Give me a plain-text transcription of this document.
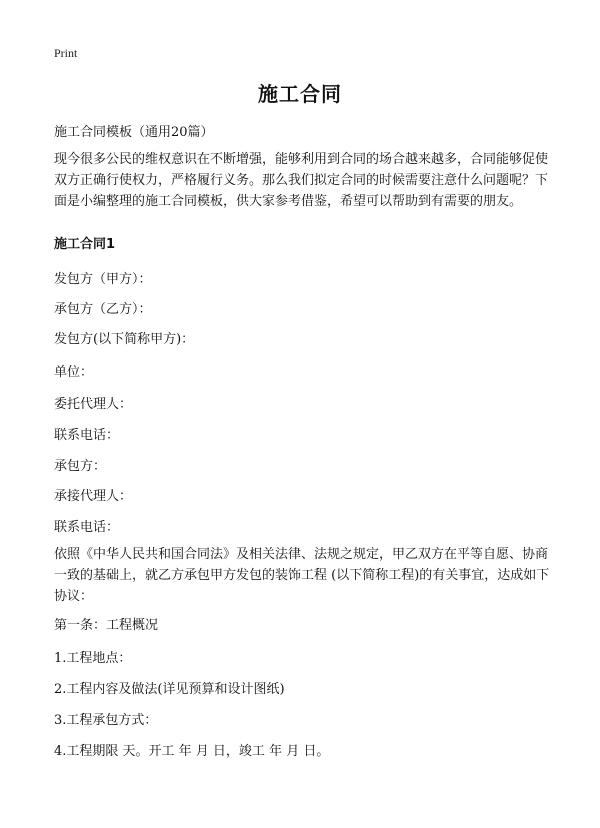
Print
施工合同
施工合同模板（通用20篇）

现今很多公民的维权意识在不断增强，能够利用到合同的场合越来越多，合同能够促使双方正确行使权力，严格履行义务。那么我们拟定合同的时候需要注意什么问题呢？下面是小编整理的施工合同模板，供大家参考借鉴，希望可以帮助到有需要的朋友。

施工合同1
发包方（甲方）：
承包方（乙方）：
发包方(以下简称甲方)：
单位：
委托代理人：
联系电话：
承包方：
承接代理人：
联系电话：

依照《中华人民共和国合同法》及相关法律、法规之规定，甲乙双方在平等自愿、协商一致的基础上，就乙方承包甲方发包的装饰工程 (以下简称工程)的有关事宜，达成如下协议：

第一条：工程概况
1.工程地点：
2.工程内容及做法(详见预算和设计图纸)
3.工程承包方式：
4.工程期限 天。开工 年 月 日，竣工 年 月 日。
